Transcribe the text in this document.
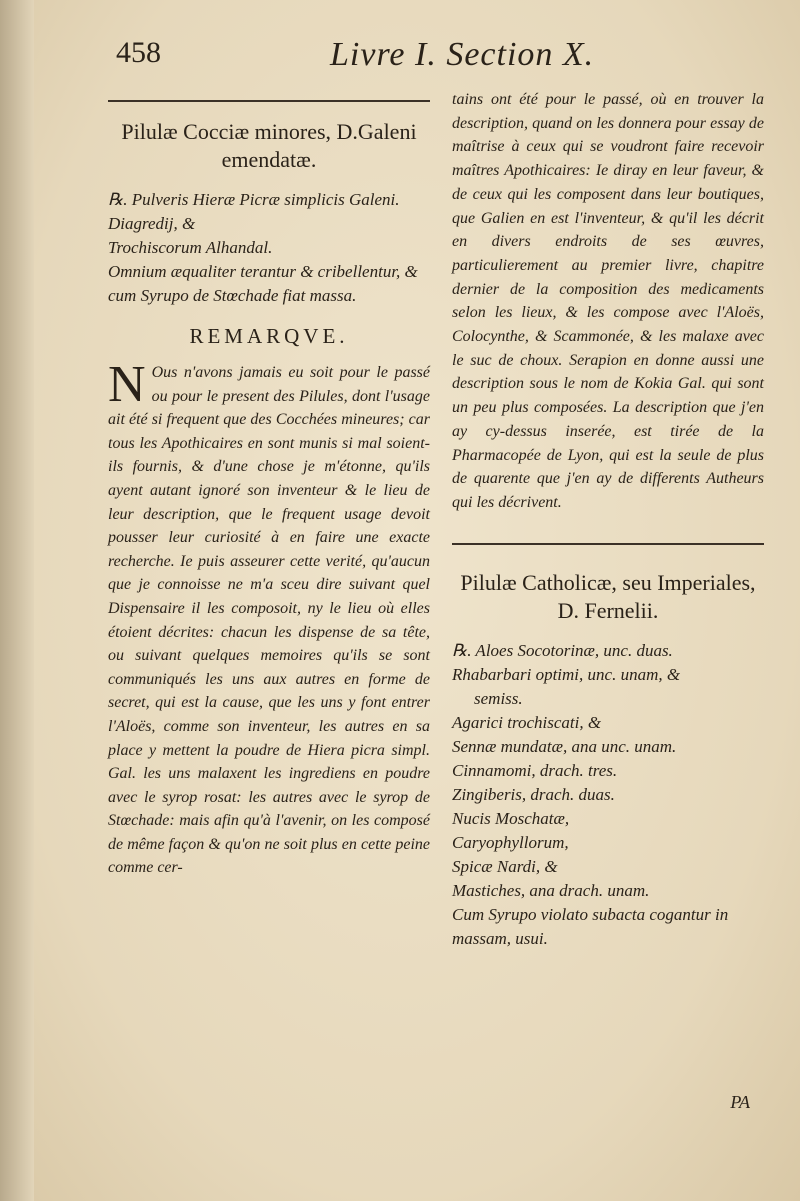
458	Livre I. Section X.
Pilulæ Cocciæ minores, D.Galeni emendatæ.

℞. Pulveris Hieræ Picræ simplicis Galeni.

Diagredij, &

Trochiscorum Alhandal.

Omnium æqualiter terantur & cribellentur, & cum Syrupo de Stœchade fiat massa.

REMARQVE.

N Ous n'avons jamais eu soit pour le passé ou pour le present des Pilules, dont l'usage ait été si frequent que des Cocchées mineures; car tous les Apothicaires en sont munis si mal soient-ils fournis, & d'une chose je m'étonne, qu'ils ayent autant ignoré son inventeur & le lieu de leur description, que le frequent usage devoit pousser leur curiosité à en faire une exacte recherche. Ie puis asseurer cette verité, qu'aucun que je connoisse ne m'a sceu dire suivant quel Dispensaire il les composoit, ny le lieu où elles étoient décrites: chacun les dispense de sa tête, ou suivant quelques memoires qu'ils se sont communiqués les uns aux autres en forme de secret, qui est la cause, que les uns y font entrer l'Aloës, comme son inventeur, les autres en sa place y mettent la poudre de Hiera picra simpl. Gal. les uns malaxent les ingrediens en poudre avec le syrop rosat: les autres avec le syrop de Stœchade: mais afin qu'à l'avenir, on les composé de même façon & qu'on ne soit plus en cette peine comme cer-

tains ont été pour le passé, où en trouver la description, quand on les donnera pour essay de maîtrise à ceux qui se voudront faire recevoir maîtres Apothicaires: Ie diray en leur faveur, & de ceux qui les composent dans leur boutiques, que Galien en est l'inventeur, & qu'il les décrit en divers endroits de ses œuvres, particulierement au premier livre, chapitre dernier de la composition des medicaments selon les lieux, & les compose avec l'Aloës, Colocynthe, & Scammonée, & les malaxe avec le suc de choux. Serapion en donne aussi une description sous le nom de Kokia Gal. qui sont un peu plus composées. La description que j'en ay cy-dessus inserée, est tirée de la Pharmacopée de Lyon, qui est la seule de plus de quarente que j'en ay de differents Autheurs qui les décrivent.

Pilulæ Catholicæ, seu Imperiales, D. Fernelii.

℞. Aloes Socotorinæ, unc. duas.

Rhabarbari optimi, unc. unam, &

semiss.

Agarici trochiscati, &

Sennæ mundatæ, ana unc. unam.

Cinnamomi, drach. tres.

Zingiberis, drach. duas.

Nucis Moschatæ,

Caryophyllorum,

Spicæ Nardi, &

Mastiches, ana drach. unam.

Cum Syrupo violato subacta cogantur in massam, usui.

PA
